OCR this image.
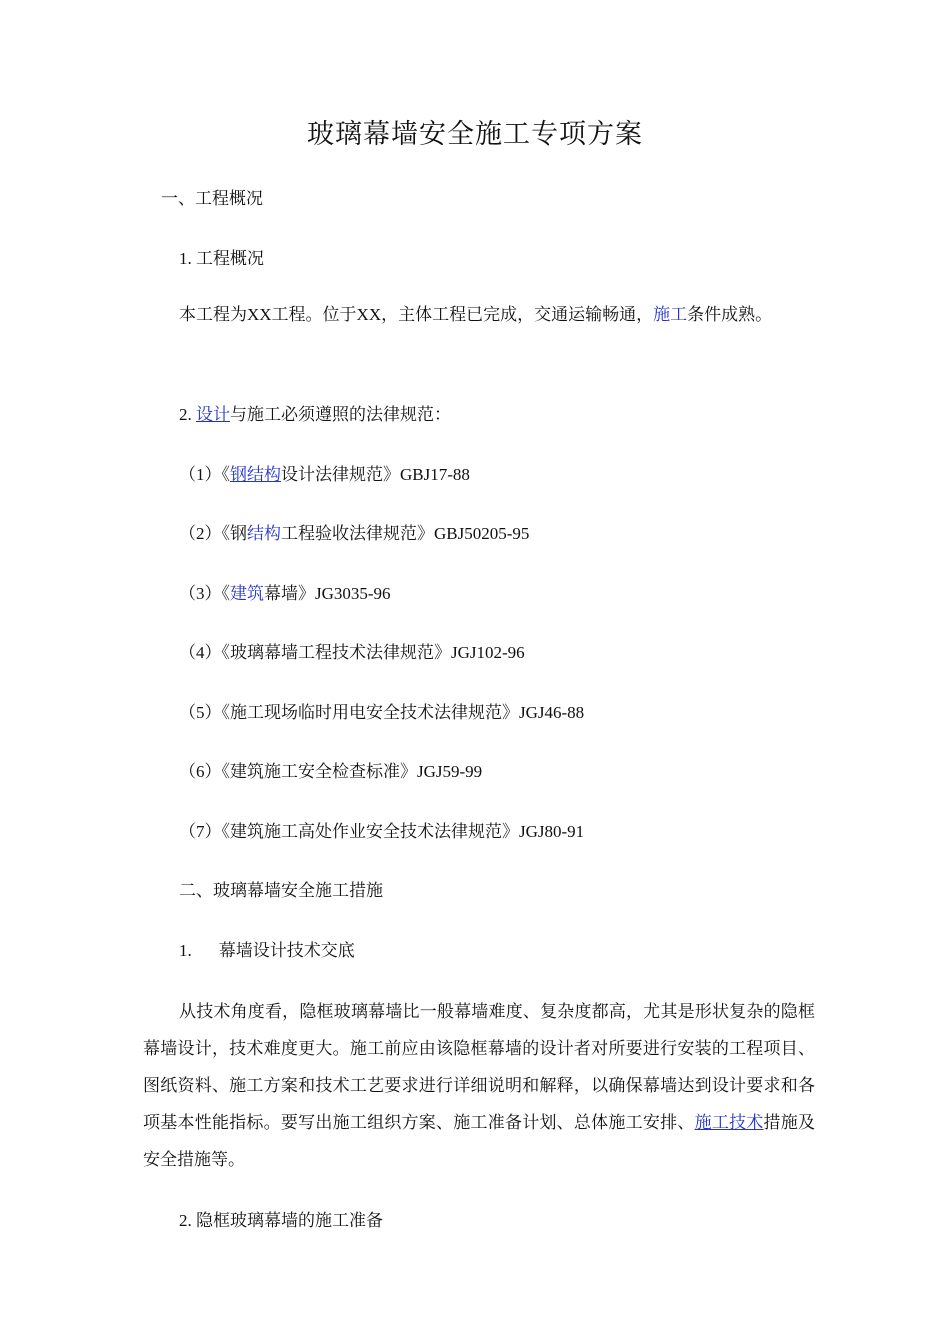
玻璃幕墙安全施工专项方案
一、工程概况
1. 工程概况

本工程为XX工程。位于XX，主体工程已完成，交通运输畅通，施工条件成熟。

2. 设计与施工必须遵照的法律规范：
（1）《钢结构设计法律规范》GBJ17-88
（2）《钢结构工程验收法律规范》GBJ50205-95
（3）《建筑幕墙》JG3035-96
（4）《玻璃幕墙工程技术法律规范》JGJ102-96
（5）《施工现场临时用电安全技术法律规范》JGJ46-88
（6）《建筑施工安全检查标准》JGJ59-99
（7）《建筑施工高处作业安全技术法律规范》JGJ80-91
二、玻璃幕墙安全施工措施
1. 幕墙设计技术交底

从技术角度看，隐框玻璃幕墙比一般幕墙难度、复杂度都高，尤其是形状复杂的隐框幕墙设计，技术难度更大。施工前应由该隐框幕墙的设计者对所要进行安装的工程项目、图纸资料、施工方案和技术工艺要求进行详细说明和解释，以确保幕墙达到设计要求和各项基本性能指标。要写出施工组织方案、施工准备计划、总体施工安排、施工技术措施及安全措施等。

2. 隐框玻璃幕墙的施工准备
